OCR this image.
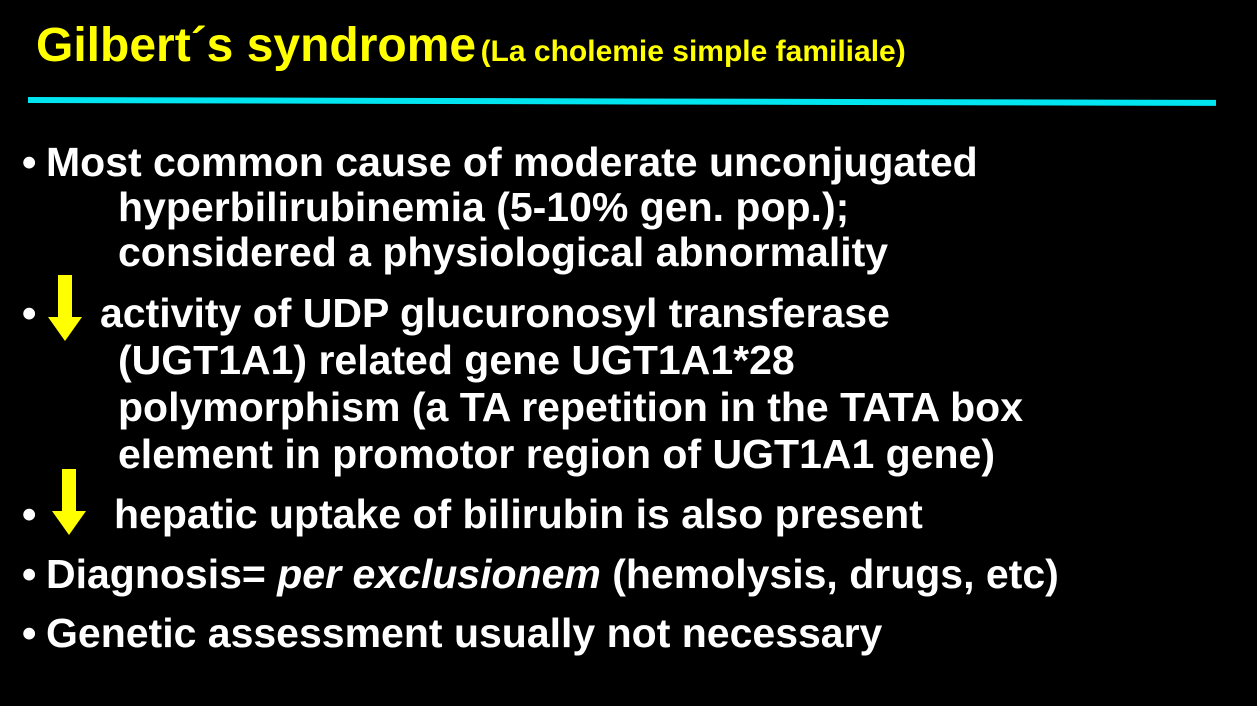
Gilbert´s syndrome (La cholemie simple familiale)
• Most common cause of moderate unconjugated
hyperbilirubinemia (5-10% gen. pop.);
considered a physiological abnormality
• activity of UDP glucuronosyl transferase
(UGT1A1) related gene UGT1A1*28
polymorphism (a TA repetition in the TATA box
element in promotor region of UGT1A1 gene)
• hepatic uptake of bilirubin is also present
• Diagnosis= per exclusionem (hemolysis, drugs, etc)
• Genetic assessment usually not necessary
